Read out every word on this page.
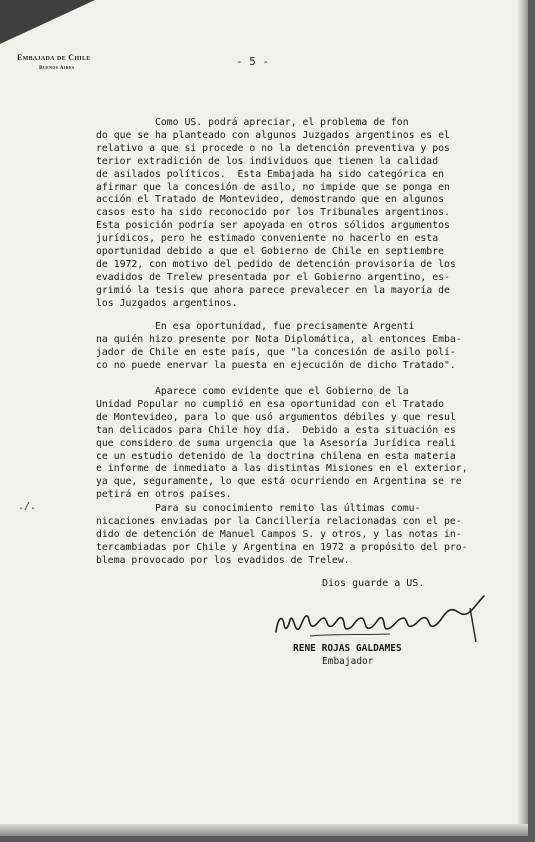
Embajada de Chile
Buenos Aires	- 5 -
./.

Como US. podrá apreciar, el problema de fon
do que se ha planteado con algunos Juzgados argentinos es el
relativo a que si procede o no la detención preventiva y pos
terior extradición de los individuos que tienen la calidad
de asilados políticos.  Esta Embajada ha sido categórica en
afirmar que la concesión de asilo, no impide que se ponga en
acción el Tratado de Montevideo, demostrando que en algunos
casos esto ha sido reconocido por los Tribunales argentinos.
Esta posición podría ser apoyada en otros sólidos argumentos
jurídicos, pero he estimado conveniente no hacerlo en esta
oportunidad debido a que el Gobierno de Chile en septiembre
de 1972, con motivo del pedido de detención provisoria de los
evadidos de Trelew presentada por el Gobierno argentino, es-
grimió la tesis que ahora parece prevalecer en la mayoría de
los Juzgados argentinos.

En esa oportunidad, fue precisamente Argenti
na quién hizo presente por Nota Diplomática, al entonces Emba-
jador de Chile en este país, que "la concesión de asilo polí-
co no puede enervar la puesta en ejecución de dicho Tratado".

Aparece como evidente que el Gobierno de la
Unidad Popular no cumplió en esa oportunidad con el Tratado
de Montevideo, para lo que usó argumentos débiles y que resul
tan delicados para Chile hoy día.  Debido a esta situación es
que considero de suma urgencia que la Asesoría Jurídica reali
ce un estudio detenido de la doctrina chilena en esta materia
e informe de inmediato a las distintas Misiones en el exterior,
ya que, seguramente, lo que está ocurriendo en Argentina se re
petirá en otros países.

Para su conocimiento remito las últimas comu-
nicaciones enviadas por la Cancillería relacionadas con el pe-
dido de detención de Manuel Campos S. y otros, y las notas in-
tercambiadas por Chile y Argentina en 1972 a propósito del pro-
blema provocado por los evadidos de Trelew.

Dios guarde a US.
RENE ROJAS GALDAMES
Embajador
